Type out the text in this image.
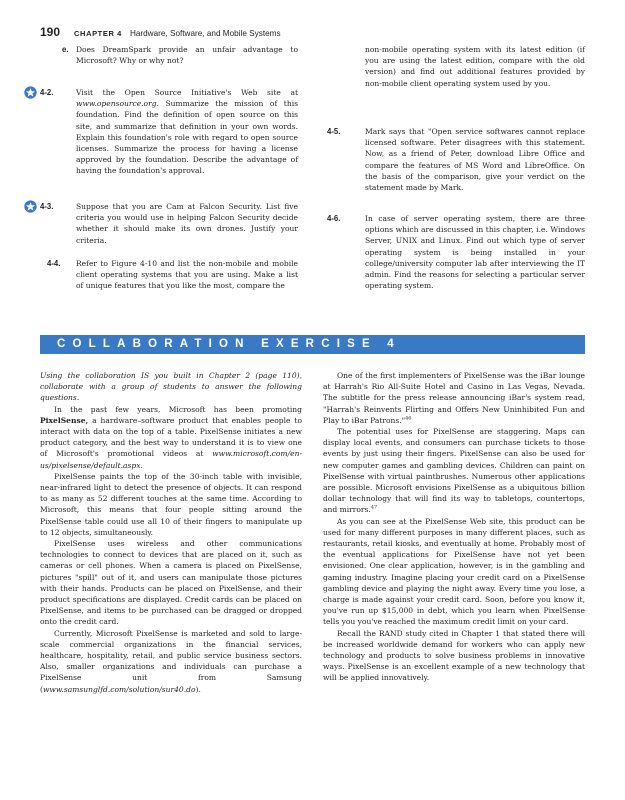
190 CHAPTER 4 Hardware, Software, and Mobile Systems
e. Does DreamSpark provide an unfair advantage to Microsoft? Why or why not?
4-2.	Visit the Open Source Initiative's Web site at www.opensource.org. Summarize the mission of this foundation. Find the definition of open source on this site, and summarize that definition in your own words. Explain this foundation's role with regard to open source licenses. Summarize the process for having a license approved by the foundation. Describe the advantage of having the foundation's approval.
4-3.	Suppose that you are Cam at Falcon Security. List five criteria you would use in helping Falcon Security decide whether it should make its own drones. Justify your criteria.
4-4. Refer to Figure 4-10 and list the non-mobile and mobile client operating systems that you are using. Make a list of unique features that you like the most, compare the
non-mobile operating system with its latest edition (if you are using the latest edition, compare with the old version) and find out additional features provided by non-mobile client operating system used by you.
4-5.	Mark says that "Open service softwares cannot replace licensed software. Peter disagrees with this statement. Now, as a friend of Peter, download Libre Office and compare the features of MS Word and LibreOffice. On the basis of the comparison, give your verdict on the statement made by Mark.
4-6.	In case of server operating system, there are three options which are discussed in this chapter, i.e. Windows Server, UNIX and Linux. Find out which type of server operating system is being installed in your college/university computer lab after interviewing the IT admin. Find the reasons for selecting a particular server operating system.
COLLABORATION EXERCISE 4

Using the collaboration IS you built in Chapter 2 (page 110), collaborate with a group of students to answer the following questions.

In the past few years, Microsoft has been promoting PixelSense, a hardware–software product that enables people to interact with data on the top of a table. PixelSense initiates a new product category, and the best way to understand it is to view one of Microsoft's promotional videos at www.microsoft.com/en-us/pixelsense/default.aspx.

PixelSense paints the top of the 30-inch table with invisible, near-infrared light to detect the presence of objects. It can respond to as many as 52 different touches at the same time. According to Microsoft, this means that four people sitting around the PixelSense table could use all 10 of their fingers to manipulate up to 12 objects, simultaneously.

PixelSense uses wireless and other communications technologies to connect to devices that are placed on it, such as cameras or cell phones. When a camera is placed on PixelSense, pictures "spill" out of it, and users can manipulate those pictures with their hands. Products can be placed on PixelSense, and their product specifications are displayed. Credit cards can be placed on PixelSense, and items to be purchased can be dragged or dropped onto the credit card.

Currently, Microsoft PixelSense is marketed and sold to large-scale commercial organizations in the financial services, healthcare, hospitality, retail, and public service business sectors. Also, smaller organizations and individuals can purchase a PixelSense unit from Samsung (www.samsunglfd.com/solution/sur40.do).

One of the first implementers of PixelSense was the iBar lounge at Harrah's Rio All-Suite Hotel and Casino in Las Vegas, Nevada. The subtitle for the press release announcing iBar's system read, "Harrah's Reinvents Flirting and Offers New Uninhibited Fun and Play to iBar Patrons."$^{46}$

The potential uses for PixelSense are staggering. Maps can display local events, and consumers can purchase tickets to those events by just using their fingers. PixelSense can also be used for new computer games and gambling devices. Children can paint on PixelSense with virtual paintbrushes. Numerous other applications are possible. Microsoft envisions PixelSense as a ubiquitous billion dollar technology that will find its way to tabletops, countertops, and mirrors.$^{47}$

As you can see at the PixelSense Web site, this product can be used for many different purposes in many different places, such as restaurants, retail kiosks, and eventually at home. Probably most of the eventual applications for PixelSense have not yet been envisioned. One clear application, however, is in the gambling and gaming industry. Imagine placing your credit card on a PixelSense gambling device and playing the night away. Every time you lose, a charge is made against your credit card. Soon, before you know it, you've run up $15,000 in debt, which you learn when PixelSense tells you you've reached the maximum credit limit on your card.

Recall the RAND study cited in Chapter 1 that stated there will be increased worldwide demand for workers who can apply new technology and products to solve business problems in innovative ways. PixelSense is an excellent example of a new technology that will be applied innovatively.
